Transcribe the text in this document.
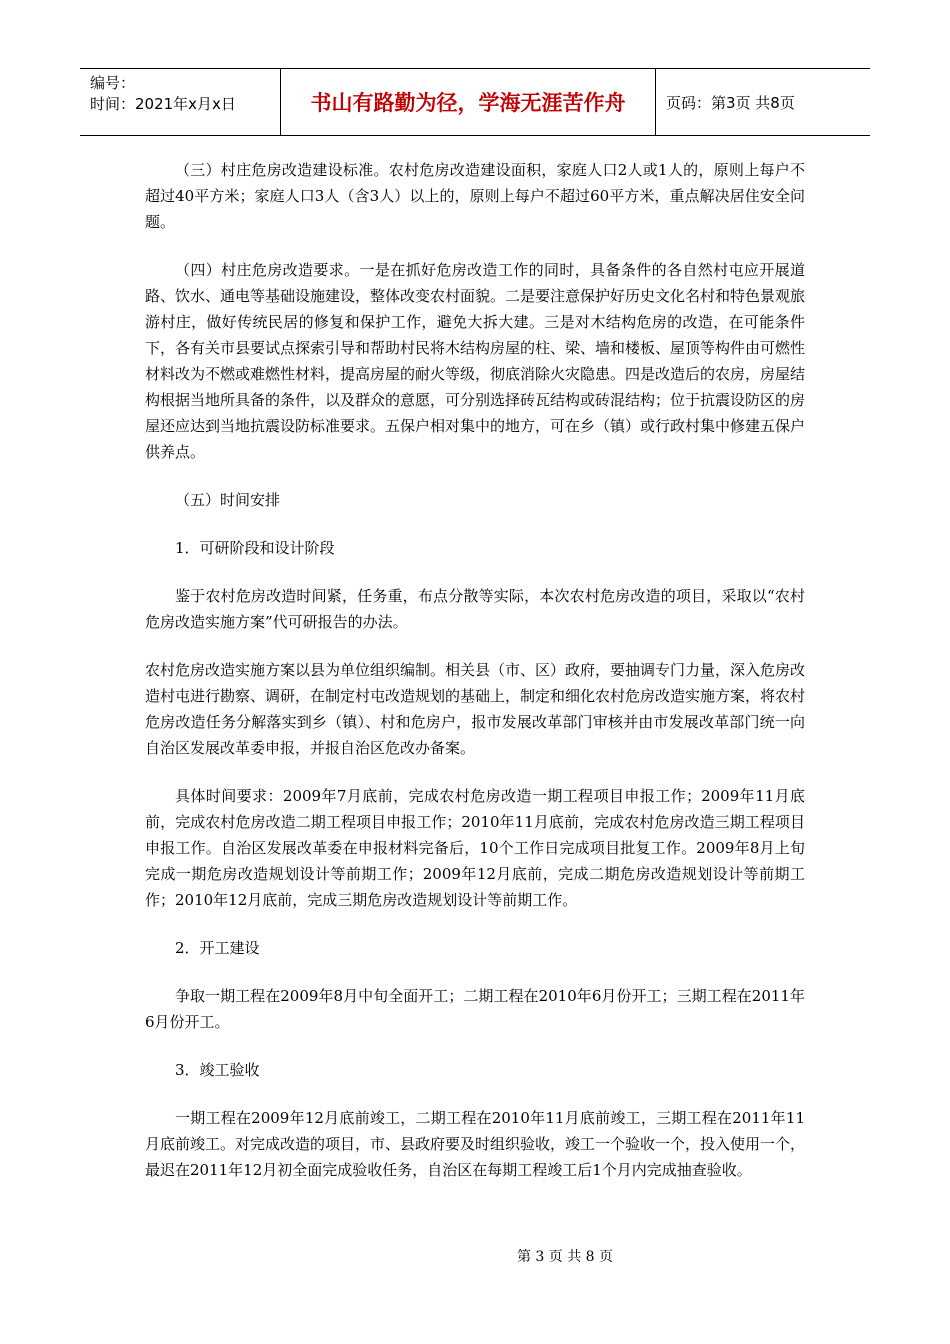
编号：
时间：2021年x月x日	书山有路勤为径，学海无涯苦作舟	页码：第3页 共8页

（三）村庄危房改造建设标准。农村危房改造建设面积，家庭人口2人或1人的，原则上每户不超过40平方米；家庭人口3人（含3人）以上的，原则上每户不超过60平方米，重点解决居住安全问题。

（四）村庄危房改造要求。一是在抓好危房改造工作的同时，具备条件的各自然村屯应开展道路、饮水、通电等基础设施建设，整体改变农村面貌。二是要注意保护好历史文化名村和特色景观旅游村庄，做好传统民居的修复和保护工作，避免大拆大建。三是对木结构危房的改造，在可能条件下，各有关市县要试点探索引导和帮助村民将木结构房屋的柱、梁、墙和楼板、屋顶等构件由可燃性材料改为不燃或难燃性材料，提高房屋的耐火等级，彻底消除火灾隐患。四是改造后的农房，房屋结构根据当地所具备的条件，以及群众的意愿，可分别选择砖瓦结构或砖混结构；位于抗震设防区的房屋还应达到当地抗震设防标准要求。五保户相对集中的地方，可在乡（镇）或行政村集中修建五保户供养点。

（五）时间安排

1．可研阶段和设计阶段

鉴于农村危房改造时间紧，任务重，布点分散等实际，本次农村危房改造的项目，采取以“农村危房改造实施方案”代可研报告的办法。

农村危房改造实施方案以县为单位组织编制。相关县（市、区）政府，要抽调专门力量，深入危房改造村屯进行勘察、调研，在制定村屯改造规划的基础上，制定和细化农村危房改造实施方案，将农村危房改造任务分解落实到乡（镇）、村和危房户，报市发展改革部门审核并由市发展改革部门统一向自治区发展改革委申报，并报自治区危改办备案。

具体时间要求：2009年7月底前，完成农村危房改造一期工程项目申报工作；2009年11月底前，完成农村危房改造二期工程项目申报工作；2010年11月底前，完成农村危房改造三期工程项目申报工作。自治区发展改革委在申报材料完备后，10个工作日完成项目批复工作。2009年8月上旬完成一期危房改造规划设计等前期工作；2009年12月底前，完成二期危房改造规划设计等前期工作；2010年12月底前，完成三期危房改造规划设计等前期工作。

2．开工建设

争取一期工程在2009年8月中旬全面开工；二期工程在2010年6月份开工；三期工程在2011年6月份开工。

3．竣工验收

一期工程在2009年12月底前竣工，二期工程在2010年11月底前竣工，三期工程在2011年11月底前竣工。对完成改造的项目，市、县政府要及时组织验收，竣工一个验收一个，投入使用一个，最迟在2011年12月初全面完成验收任务，自治区在每期工程竣工后1个月内完成抽查验收。

第 3 页 共 8 页
